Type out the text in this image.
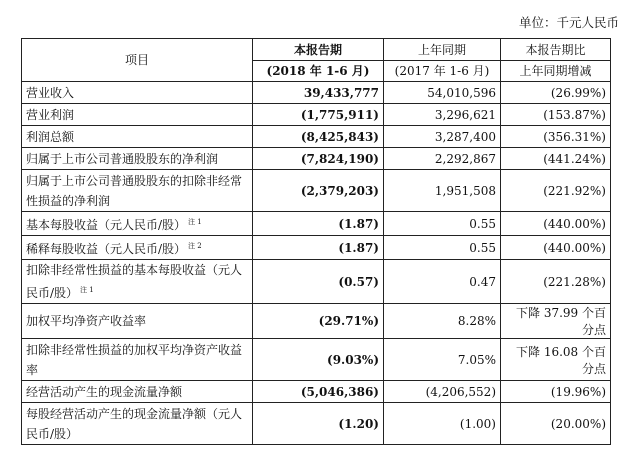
单位：千元人民币
项目	本报告期	上年同期	本报告期比
	(2018 年 1-6 月)	(2017 年 1-6 月)	上年同期增减
营业收入	39,433,777	54,010,596	(26.99%)
营业利润	(1,775,911)	3,296,621	(153.87%)
利润总额	(8,425,843)	3,287,400	(356.31%)
归属于上市公司普通股股东的净利润	(7,824,190)	2,292,867	(441.24%)
归属于上市公司普通股股东的扣除非经常性损益的净利润	(2,379,203)	1,951,508	(221.92%)
基本每股收益（元人民币/股） $^{注 1}$	(1.87)	0.55	(440.00%)
稀释每股收益（元人民币/股） $^{注 2}$	(1.87)	0.55	(440.00%)
扣除非经常性损益的基本每股收益（元人民币/股） $^{注 1}$	(0.57)	0.47	(221.28%)
加权平均净资产收益率	(29.71%)	8.28%	下降 37.99 个百分点
扣除非经常性损益的加权平均净资产收益率	(9.03%)	7.05%	下降 16.08 个百分点
经营活动产生的现金流量净额	(5,046,386)	(4,206,552)	(19.96%)
每股经营活动产生的现金流量净额（元人民币/股）	(1.20)	(1.00)	(20.00%)
